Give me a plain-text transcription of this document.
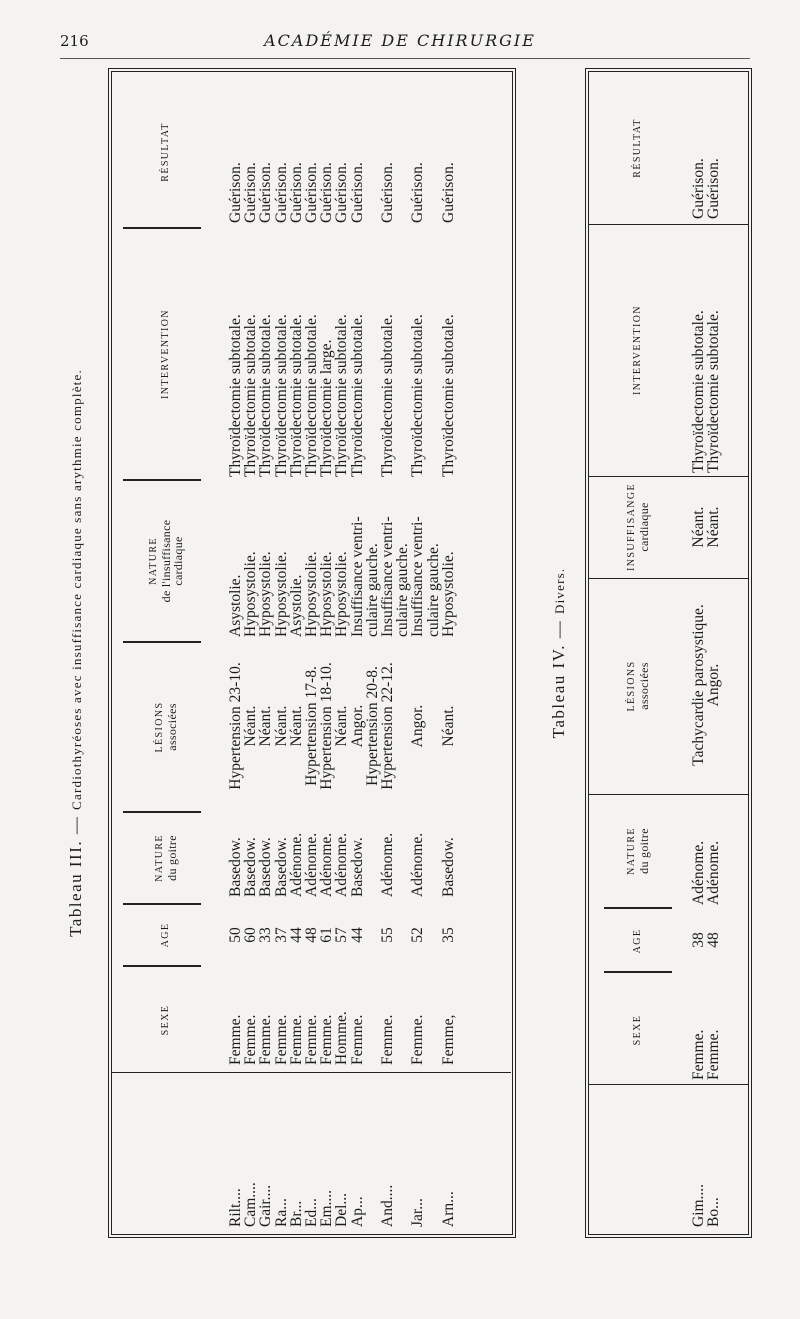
216	ACADÉMIE DE CHIRURGIE
Tableau III. — Cardiothyréoses avec insuffisance cardiaque sans arythmie complète.
SEXE
AGE
NATURE du goitre
LÉSIONS associées
NATURE de l'insuffisance
cardiaque
INTERVENTION
RÉSULTAT
Rilt....
Femme.
50
Basedow.
Hypertension 23-10.
Asystolie.
Thyroïdectomie subtotale.
Guérison.
Cam....
Femme.
60
Basedow.
Néant.
Hyposystolie.
Thyroïdectomie subtotale.
Guérison.
Gair....
Femme.
33
Basedow.
Néant.
Hyposystolie.
Thyroïdectomie subtotale.
Guérison.
Ra...
Femme.
37
Basedow.
Néant.
Hyposystolie.
Thyroïdectomie subtotale.
Guérison.
Br...
Femme.
44
Adénome.
Néant.
Asystolie.
Thyroïdectomie subtotale.
Guérison.
Ed...
Femme.
48
Adénome.
Hypertension 17-8.
Hyposystolie.
Thyroïdectomie subtotale.
Guérison.
Em....
Femme.
61
Adénome.
Hypertension 18-10.
Hyposystolie.
Thyroïdectomie large.
Guérison.
Del...
Homme.
57
Adénome.
Néant.
Hyposystolie.
Thyroïdectomie subtotale.
Guérison.
Ap...
Femme.
44
Basedow.
Angor.
Insuffisance ventri-
Thyroïdectomie subtotale.
Guérison.
Hypertension 20-8.
culaire gauche.
And....
Femme.
55
Adénome.
Hypertension 22-12.
Insuffisance ventri-
Thyroïdectomie subtotale.
Guérison.
culaire gauche.
Jar...
Femme.
52
Adénome.
Angor.
Insuffisance ventri-
Thyroïdectomie subtotale.
Guérison.
culaire gauche.
Arn...
Femme,
35
Basedow.
Néant.
Hyposystolie.
Thyroïdectomie subtotale.
Guérison.
Tableau IV. — Divers.
SEXE
AGE
NATURE du goitre
LÉSIONS associées
INSUFFISANGE cardiaque
INTERVENTION
RÉSULTAT
Gim....
Femme.
38
Adénome.
Tachycardie parosystique.
Néant.
Thyroïdectomie subtotale.
Guérison.
Bo...
Femme.
48
Adénome.
Angor.
Néant.
Thyroïdectomie subtotale.
Guérison.
